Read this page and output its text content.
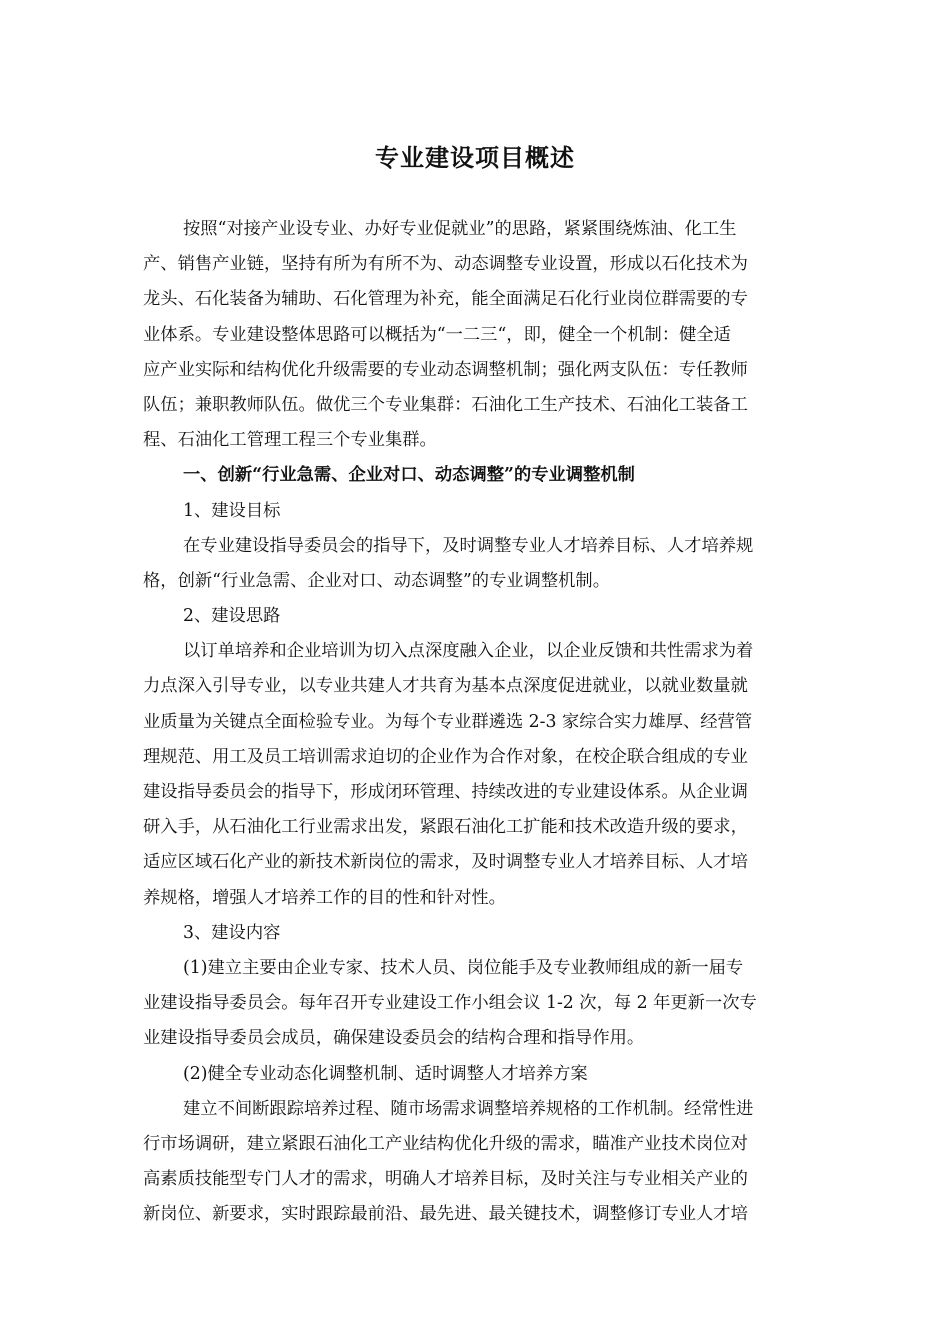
专业建设项目概述
按照“对接产业设专业、办好专业促就业”的思路，紧紧围绕炼油、化工生
产、销售产业链，坚持有所为有所不为、动态调整专业设置，形成以石化技术为
龙头、石化装备为辅助、石化管理为补充，能全面满足石化行业岗位群需要的专
业体系。专业建设整体思路可以概括为“一二三“，即，健全一个机制：健全适
应产业实际和结构优化升级需要的专业动态调整机制；强化两支队伍：专任教师
队伍；兼职教师队伍。做优三个专业集群：石油化工生产技术、石油化工装备工
程、石油化工管理工程三个专业集群。
一、创新“行业急需、企业对口、动态调整”的专业调整机制
1、建设目标
在专业建设指导委员会的指导下，及时调整专业人才培养目标、人才培养规
格，创新“行业急需、企业对口、动态调整”的专业调整机制。
2、建设思路
以订单培养和企业培训为切入点深度融入企业，以企业反馈和共性需求为着
力点深入引导专业，以专业共建人才共育为基本点深度促进就业，以就业数量就
业质量为关键点全面检验专业。为每个专业群遴选 2-3 家综合实力雄厚、经营管
理规范、用工及员工培训需求迫切的企业作为合作对象，在校企联合组成的专业
建设指导委员会的指导下，形成闭环管理、持续改进的专业建设体系。从企业调
研入手，从石油化工行业需求出发，紧跟石油化工扩能和技术改造升级的要求，
适应区域石化产业的新技术新岗位的需求，及时调整专业人才培养目标、人才培
养规格，增强人才培养工作的目的性和针对性。
3、建设内容
(1)建立主要由企业专家、技术人员、岗位能手及专业教师组成的新一届专
业建设指导委员会。每年召开专业建设工作小组会议 1-2 次，每 2 年更新一次专
业建设指导委员会成员，确保建设委员会的结构合理和指导作用。
(2)健全专业动态化调整机制、适时调整人才培养方案
建立不间断跟踪培养过程、随市场需求调整培养规格的工作机制。经常性进
行市场调研，建立紧跟石油化工产业结构优化升级的需求，瞄准产业技术岗位对
高素质技能型专门人才的需求，明确人才培养目标，及时关注与专业相关产业的
新岗位、新要求，实时跟踪最前沿、最先进、最关键技术，调整修订专业人才培
